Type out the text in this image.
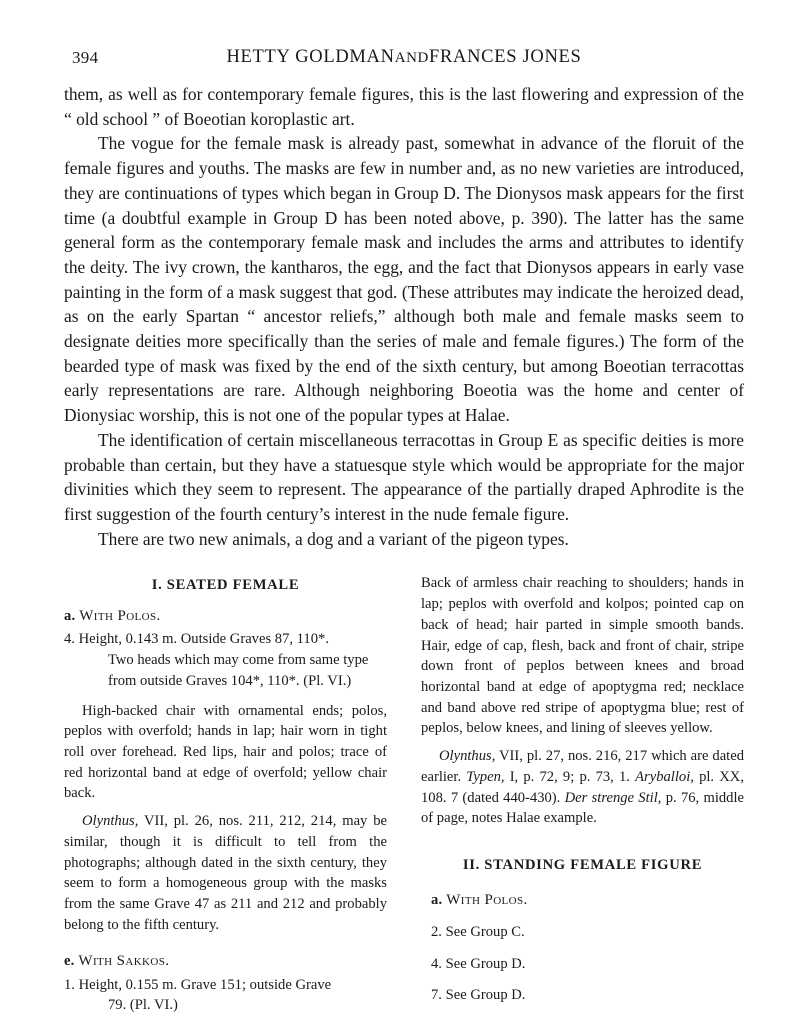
394	HETTY GOLDMANANDFRANCES JONES

them, as well as for contemporary female figures, this is the last flowering and expression of the “ old school ” of Boeotian koroplastic art.

The vogue for the female mask is already past, somewhat in advance of the floruit of the female figures and youths. The masks are few in number and, as no new varieties are introduced, they are continuations of types which began in Group D. The Dionysos mask appears for the first time (a doubtful example in Group D has been noted above, p. 390). The latter has the same general form as the contemporary female mask and includes the arms and attributes to identify the deity. The ivy crown, the kantharos, the egg, and the fact that Dionysos appears in early vase painting in the form of a mask suggest that god. (These attributes may indicate the heroized dead, as on the early Spartan “ ancestor reliefs,” although both male and female masks seem to designate deities more specifically than the series of male and female figures.) The form of the bearded type of mask was fixed by the end of the sixth century, but among Boeotian terracottas early representations are rare. Although neighboring Boeotia was the home and center of Dionysiac worship, this is not one of the popular types at Halae.

The identification of certain miscellaneous terracottas in Group E as specific deities is more probable than certain, but they have a statuesque style which would be appropriate for the major divinities which they seem to represent. The appearance of the partially draped Aphrodite is the first suggestion of the fourth century’s interest in the nude female figure.

There are two new animals, a dog and a variant of the pigeon types.

I. SEATED FEMALE
a. With Polos.
4. Height, 0.143 m. Outside Graves 87, 110*.
Two heads which may come from same type from outside Graves 104*, 110*. (Pl. VI.)

High-backed chair with ornamental ends; polos, peplos with overfold; hands in lap; hair worn in tight roll over forehead. Red lips, hair and polos; trace of red horizontal band at edge of overfold; yellow chair back.

Olynthus, VII, pl. 26, nos. 211, 212, 214, may be similar, though it is difficult to tell from the photographs; although dated in the sixth century, they seem to form a homogeneous group with the masks from the same Grave 47 as 211 and 212 and probably belong to the fifth century.

e. With Sakkos.
1. Height, 0.155 m. Grave 151; outside Grave
79. (Pl. VI.)

Back of armless chair reaching to shoulders; hands in lap; peplos with overfold and kolpos; pointed cap on back of head; hair parted in simple smooth bands. Hair, edge of cap, flesh, back and front of chair, stripe down front of peplos between knees and broad horizontal band at edge of apoptygma red; necklace and band above red stripe of apoptygma blue; rest of peplos, below knees, and lining of sleeves yellow.

Olynthus, VII, pl. 27, nos. 216, 217 which are dated earlier. Typen, I, p. 72, 9; p. 73, 1. Aryballoi, pl. XX, 108. 7 (dated 440-430). Der strenge Stil, p. 76, middle of page, notes Halae example.

II. STANDING FEMALE FIGURE
a. With Polos.
2. See Group C.
4. See Group D.
7. See Group D.
